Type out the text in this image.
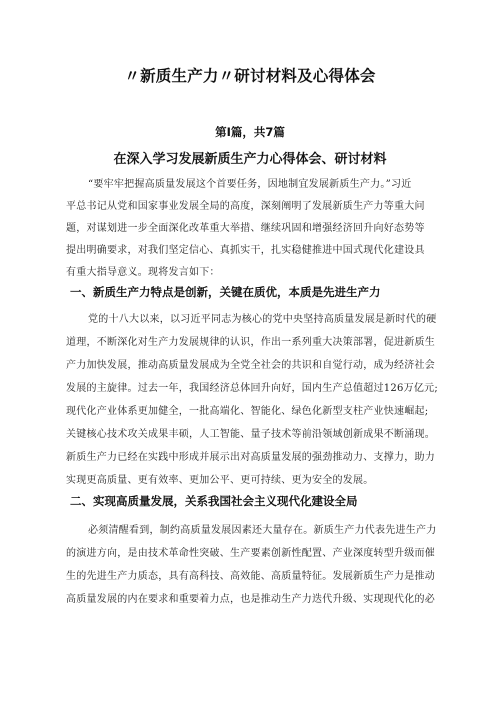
〃新质生产力〃研讨材料及心得体会
第Ⅰ篇，共7篇
在深入学习发展新质生产力心得体会、研讨材料
“要牢牢把握高质量发展这个首要任务，因地制宜发展新质生产力。”习近
平总书记从党和国家事业发展全局的高度，深刻阐明了发展新质生产力等重大问
题，对谋划进一步全面深化改革重大举措、继续巩固和增强经济回升向好态势等
提出明确要求，对我们坚定信心、真抓实干，扎实稳健推进中国式现代化建设具
有重大指导意义。现将发言如下：
一、新质生产力特点是创新，关键在质优，本质是先进生产力
党的十八大以来，以习近平同志为核心的党中央坚持高质量发展是新时代的硬
道理，不断深化对生产力发展规律的认识，作出一系列重大决策部署，促进新质生
产力加快发展，推动高质量发展成为全党全社会的共识和自觉行动，成为经济社会
发展的主旋律。过去一年，我国经济总体回升向好，国内生产总值超过126万亿元;
现代化产业体系更加健全，一批高端化、智能化、绿色化新型支柱产业快速崛起;
关键核心技术攻关成果丰硕，人工智能、量子技术等前沿领域创新成果不断涌现。
新质生产力已经在实践中形成并展示出对高质量发展的强劲推动力、支撑力，助力
实现更高质量、更有效率、更加公平、更可持续、更为安全的发展。
二、实现高质量发展，关系我国社会主义现代化建设全局
必须清醒看到，制约高质量发展因素还大量存在。新质生产力代表先进生产力
的演进方向，是由技术革命性突破、生产要素创新性配置、产业深度转型升级而催
生的先进生产力质态，具有高科技、高效能、高质量特征。发展新质生产力是推动
高质量发展的内在要求和重要着力点，也是推动生产力迭代升级、实现现代化的必
